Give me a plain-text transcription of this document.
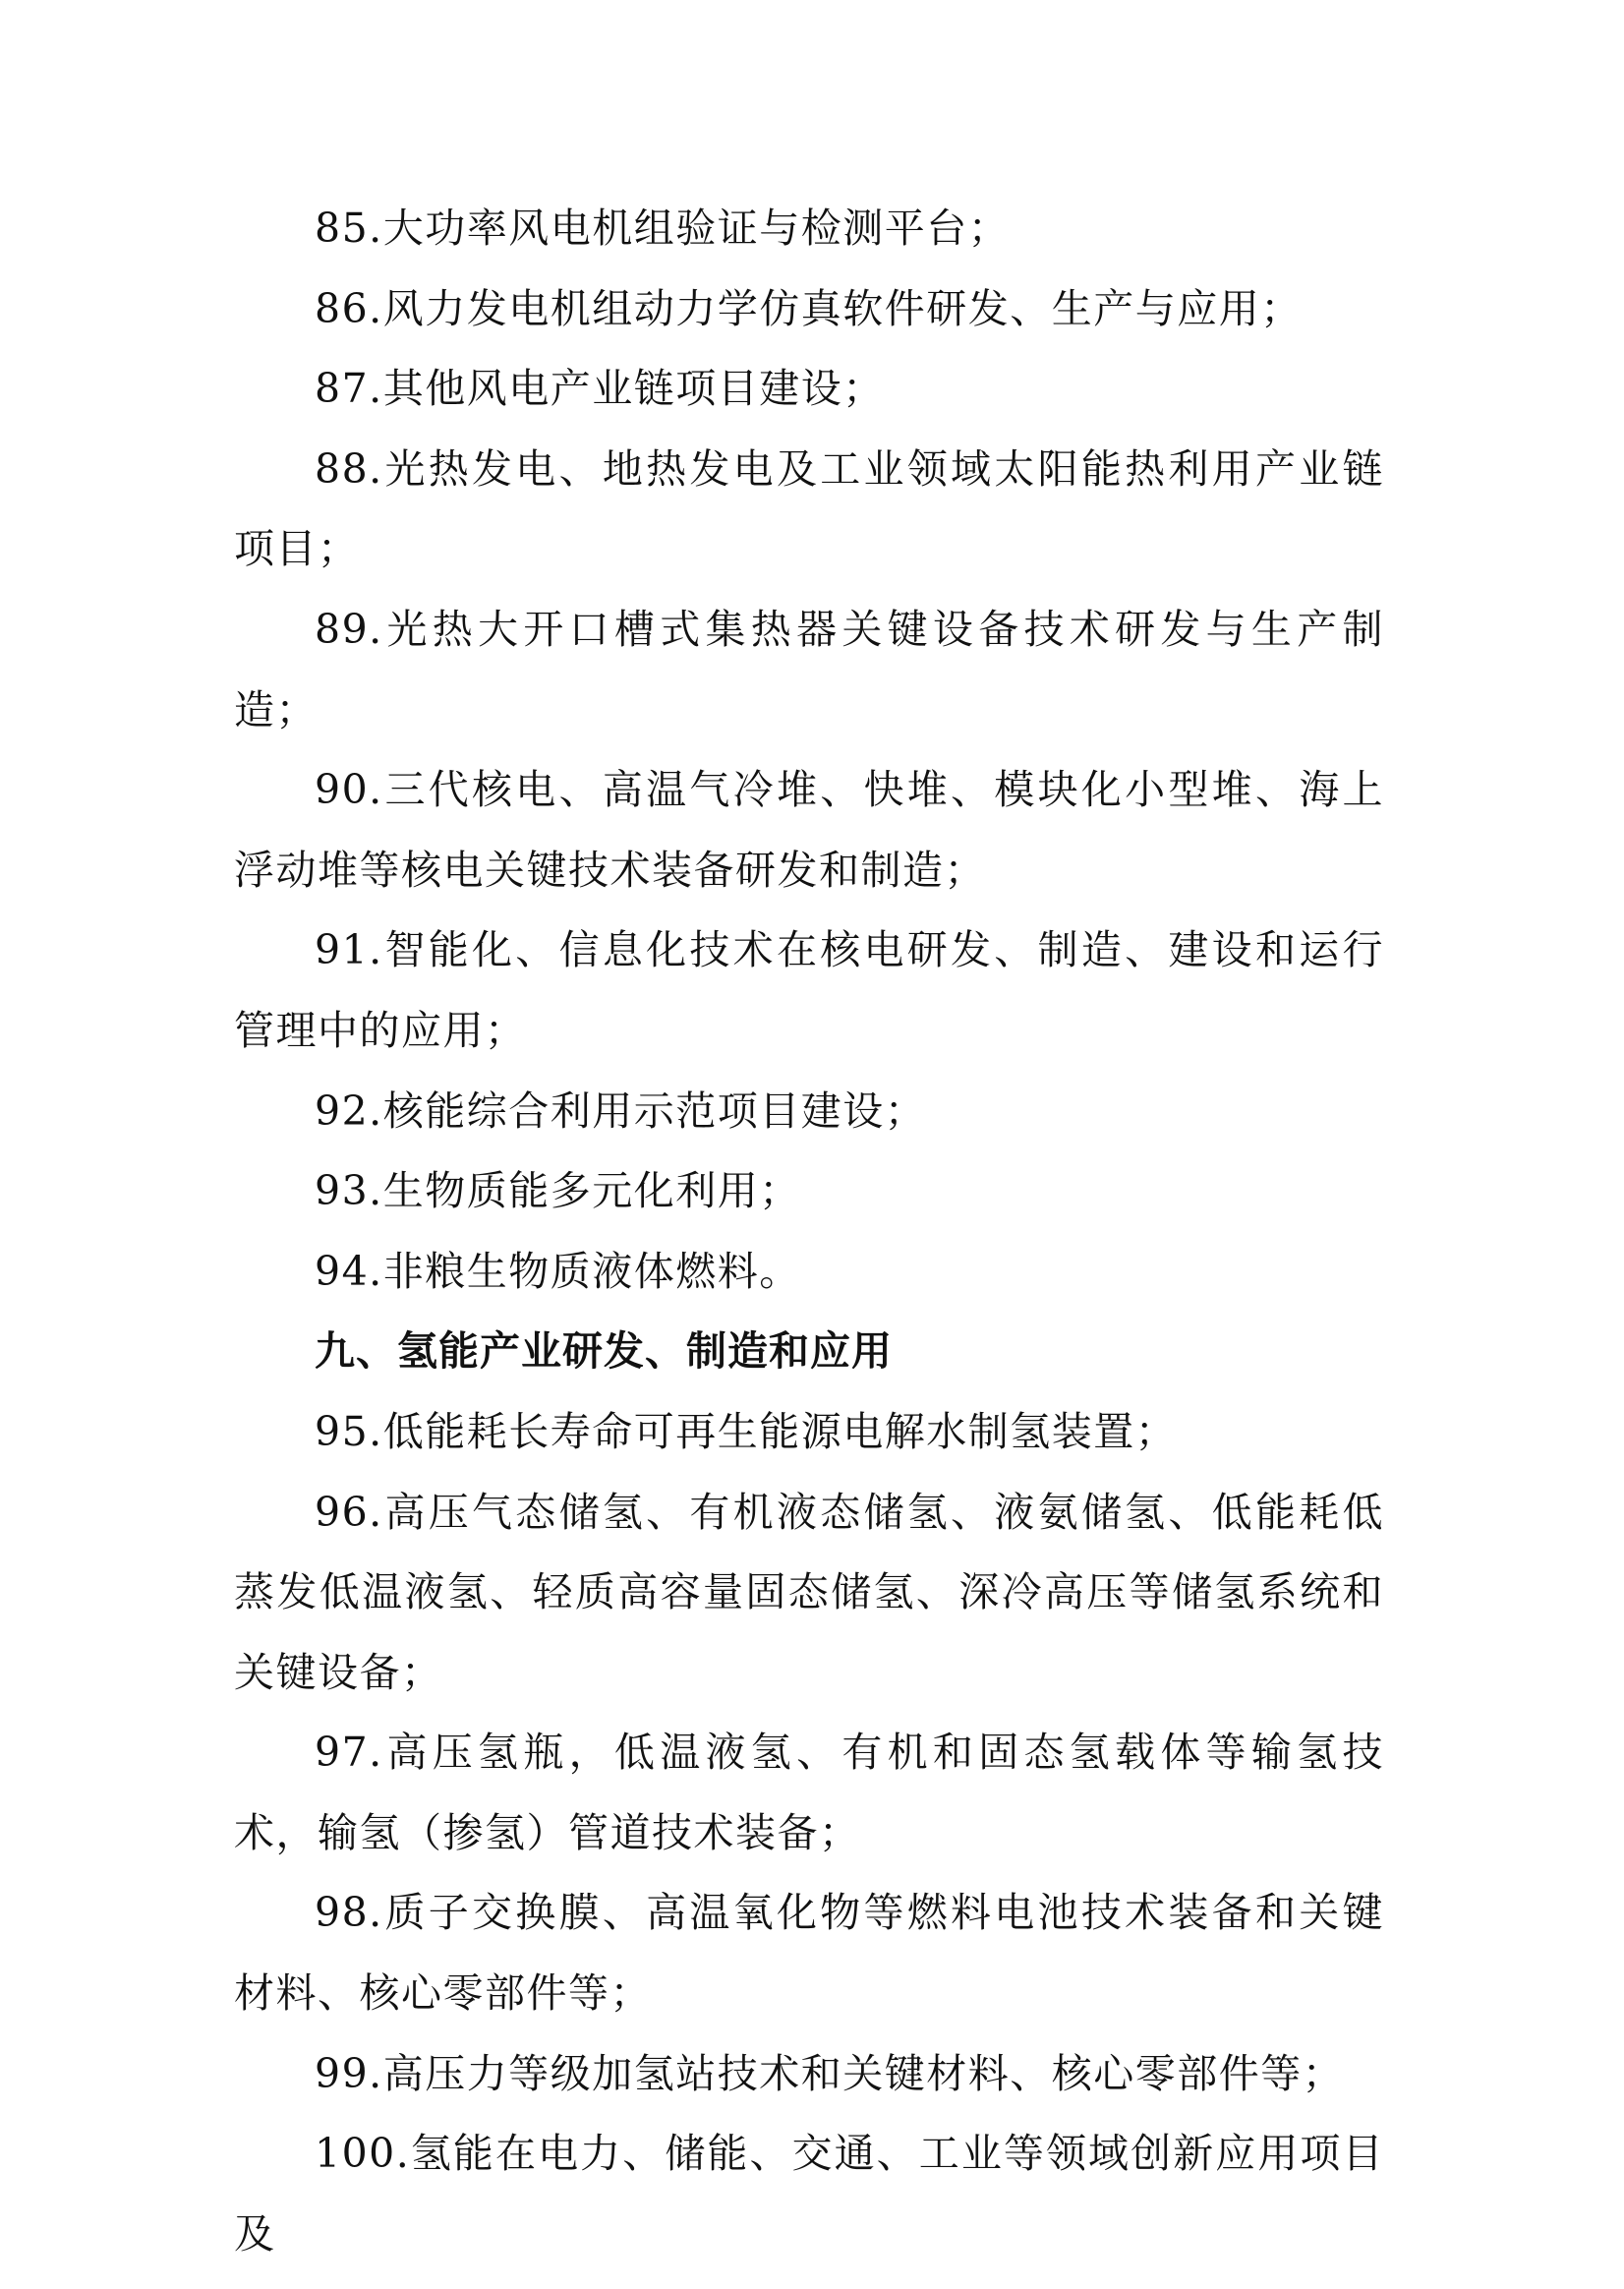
85.大功率风电机组验证与检测平台；

86.风力发电机组动力学仿真软件研发、生产与应用；

87.其他风电产业链项目建设；

88.光热发电、地热发电及工业领域太阳能热利用产业链项目；

89.光热大开口槽式集热器关键设备技术研发与生产制造；

90.三代核电、高温气冷堆、快堆、模块化小型堆、海上浮动堆等核电关键技术装备研发和制造；

91.智能化、信息化技术在核电研发、制造、建设和运行管理中的应用；

92.核能综合利用示范项目建设；

93.生物质能多元化利用；

94.非粮生物质液体燃料。

九、氢能产业研发、制造和应用

95.低能耗长寿命可再生能源电解水制氢装置；

96.高压气态储氢、有机液态储氢、液氨储氢、低能耗低蒸发低温液氢、轻质高容量固态储氢、深冷高压等储氢系统和关键设备；

97.高压氢瓶，低温液氢、有机和固态氢载体等输氢技术，输氢（掺氢）管道技术装备；

98.质子交换膜、高温氧化物等燃料电池技术装备和关键材料、核心零部件等；

99.高压力等级加氢站技术和关键材料、核心零部件等；

100.氢能在电力、储能、交通、工业等领域创新应用项目及
